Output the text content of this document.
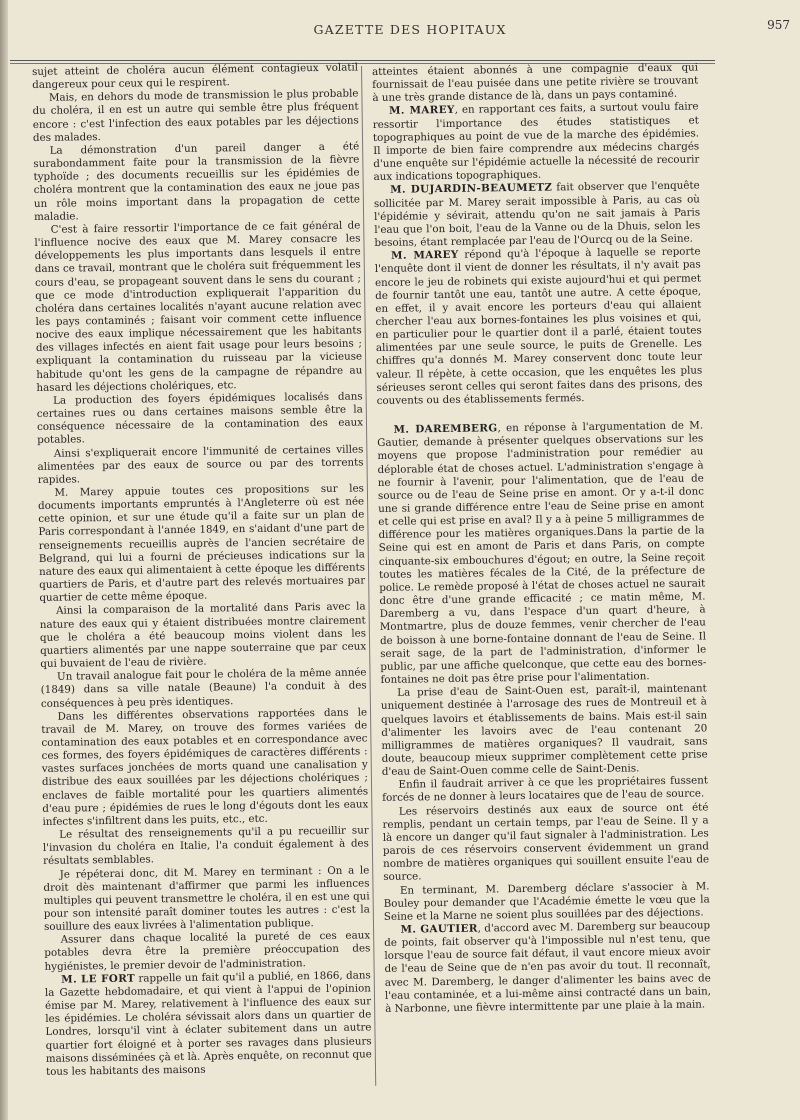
GAZETTE DES HOPITAUX	957

sujet atteint de choléra aucun élément contagieux volatil dangereux pour ceux qui le respirent.

Mais, en dehors du mode de transmission le plus probable du choléra, il en est un autre qui semble être plus fréquent encore : c'est l'infection des eaux potables par les déjections des malades.

La démonstration d'un pareil danger a été surabondamment faite pour la transmission de la fièvre typhoïde ; des documents recueillis sur les épidémies de choléra montrent que la contamination des eaux ne joue pas un rôle moins important dans la propagation de cette maladie.

C'est à faire ressortir l'importance de ce fait général de l'influence nocive des eaux que M. Marey consacre les développements les plus importants dans lesquels il entre dans ce travail, montrant que le choléra suit fréquemment les cours d'eau, se propageant souvent dans le sens du courant ; que ce mode d'introduction expliquerait l'apparition du choléra dans certaines localités n'ayant aucune relation avec les pays contaminés ; faisant voir comment cette influence nocive des eaux implique nécessairement que les habitants des villages infectés en aient fait usage pour leurs besoins ; expliquant la contamination du ruisseau par la vicieuse habitude qu'ont les gens de la campagne de répandre au hasard les déjections cholériques, etc.

La production des foyers épidémiques localisés dans certaines rues ou dans certaines maisons semble être la conséquence nécessaire de la contamination des eaux potables.

Ainsi s'expliquerait encore l'immunité de certaines villes alimentées par des eaux de source ou par des torrents rapides.

M. Marey appuie toutes ces propositions sur les documents importants empruntés à l'Angleterre où est née cette opinion, et sur une étude qu'il a faite sur un plan de Paris correspondant à l'année 1849, en s'aidant d'une part de renseignements recueillis auprès de l'ancien secrétaire de Belgrand, qui lui a fourni de précieuses indications sur la nature des eaux qui alimentaient à cette époque les différents quartiers de Paris, et d'autre part des relevés mortuaires par quartier de cette même époque.

Ainsi la comparaison de la mortalité dans Paris avec la nature des eaux qui y étaient distribuées montre clairement que le choléra a été beaucoup moins violent dans les quartiers alimentés par une nappe souterraine que par ceux qui buvaient de l'eau de rivière.

Un travail analogue fait pour le choléra de la même année (1849) dans sa ville natale (Beaune) l'a conduit à des conséquences à peu près identiques.

Dans les différentes observations rapportées dans le travail de M. Marey, on trouve des formes variées de contamination des eaux potables et en correspondance avec ces formes, des foyers épidémiques de caractères différents : vastes surfaces jonchées de morts quand une canalisation y distribue des eaux souillées par les déjections cholériques ; enclaves de faible mortalité pour les quartiers alimentés d'eau pure ; épidémies de rues le long d'égouts dont les eaux infectes s'infiltrent dans les puits, etc., etc.

Le résultat des renseignements qu'il a pu recueillir sur l'invasion du choléra en Italie, l'a conduit également à des résultats semblables.

Je répéterai donc, dit M. Marey en terminant : On a le droit dès maintenant d'affirmer que parmi les influences multiples qui peuvent transmettre le choléra, il en est une qui pour son intensité paraît dominer toutes les autres : c'est la souillure des eaux livrées à l'alimentation publique.

Assurer dans chaque localité la pureté de ces eaux potables devra être la première préoccupation des hygiénistes, le premier devoir de l'administration.

M. LE FORT rappelle un fait qu'il a publié, en 1866, dans la Gazette hebdomadaire, et qui vient à l'appui de l'opinion émise par M. Marey, relativement à l'influence des eaux sur les épidémies. Le choléra sévissait alors dans un quartier de Londres, lorsqu'il vint à éclater subitement dans un autre quartier fort éloigné et à porter ses ravages dans plusieurs maisons disséminées çà et là. Après enquête, on reconnut que tous les habitants des maisons

atteintes étaient abonnés à une compagnie d'eaux qui fournissait de l'eau puisée dans une petite rivière se trouvant à une très grande distance de là, dans un pays contaminé.

M. MAREY, en rapportant ces faits, a surtout voulu faire ressortir l'importance des études statistiques et topographiques au point de vue de la marche des épidémies. Il importe de bien faire comprendre aux médecins chargés d'une enquête sur l'épidémie actuelle la nécessité de recourir aux indications topographiques.

M. DUJARDIN-BEAUMETZ fait observer que l'enquête sollicitée par M. Marey serait impossible à Paris, au cas où l'épidémie y sévirait, attendu qu'on ne sait jamais à Paris l'eau que l'on boit, l'eau de la Vanne ou de la Dhuis, selon les besoins, étant remplacée par l'eau de l'Ourcq ou de la Seine.

M. MAREY répond qu'à l'époque à laquelle se reporte l'enquête dont il vient de donner les résultats, il n'y avait pas encore le jeu de robinets qui existe aujourd'hui et qui permet de fournir tantôt une eau, tantôt une autre. A cette époque, en effet, il y avait encore les porteurs d'eau qui allaient chercher l'eau aux bornes-fontaines les plus voisines et qui, en particulier pour le quartier dont il a parlé, étaient toutes alimentées par une seule source, le puits de Grenelle. Les chiffres qu'a donnés M. Marey conservent donc toute leur valeur. Il répète, à cette occasion, que les enquêtes les plus sérieuses seront celles qui seront faites dans des prisons, des couvents ou des établissements fermés.

M. DAREMBERG, en réponse à l'argumentation de M. Gautier, demande à présenter quelques observations sur les moyens que propose l'administration pour remédier au déplorable état de choses actuel. L'administration s'engage à ne fournir à l'avenir, pour l'alimentation, que de l'eau de source ou de l'eau de Seine prise en amont. Or y a-t-il donc une si grande différence entre l'eau de Seine prise en amont et celle qui est prise en aval? Il y a à peine 5 milligrammes de différence pour les matières organiques.Dans la partie de la Seine qui est en amont de Paris et dans Paris, on compte cinquante-six embouchures d'égout; en outre, la Seine reçoit toutes les matières fécales de la Cité, de la préfecture de police. Le remède proposé à l'état de choses actuel ne saurait donc être d'une grande efficacité ; ce matin même, M. Daremberg a vu, dans l'espace d'un quart d'heure, à Montmartre, plus de douze femmes, venir chercher de l'eau de boisson à une borne-fontaine donnant de l'eau de Seine. Il serait sage, de la part de l'administration, d'informer le public, par une affiche quelconque, que cette eau des bornes-fontaines ne doit pas être prise pour l'alimentation.

La prise d'eau de Saint-Ouen est, paraît-il, maintenant uniquement destinée à l'arrosage des rues de Montreuil et à quelques lavoirs et établissements de bains. Mais est-il sain d'alimenter les lavoirs avec de l'eau contenant 20 milligrammes de matières organiques? Il vaudrait, sans doute, beaucoup mieux supprimer complètement cette prise d'eau de Saint-Ouen comme celle de Saint-Denis.

Enfin il faudrait arriver à ce que les propriétaires fussent forcés de ne donner à leurs locataires que de l'eau de source.

Les réservoirs destinés aux eaux de source ont été remplis, pendant un certain temps, par l'eau de Seine. Il y a là encore un danger qu'il faut signaler à l'administration. Les parois de ces réservoirs conservent évidemment un grand nombre de matières organiques qui souillent ensuite l'eau de source.

En terminant, M. Daremberg déclare s'associer à M. Bouley pour demander que l'Académie émette le vœu que la Seine et la Marne ne soient plus souillées par des déjections.

M. GAUTIER, d'accord avec M. Daremberg sur beaucoup de points, fait observer qu'à l'impossible nul n'est tenu, que lorsque l'eau de source fait défaut, il vaut encore mieux avoir de l'eau de Seine que de n'en pas avoir du tout. Il reconnaît, avec M. Daremberg, le danger d'alimenter les bains avec de l'eau contaminée, et a lui-même ainsi contracté dans un bain, à Narbonne, une fièvre intermittente par une plaie à la main.
